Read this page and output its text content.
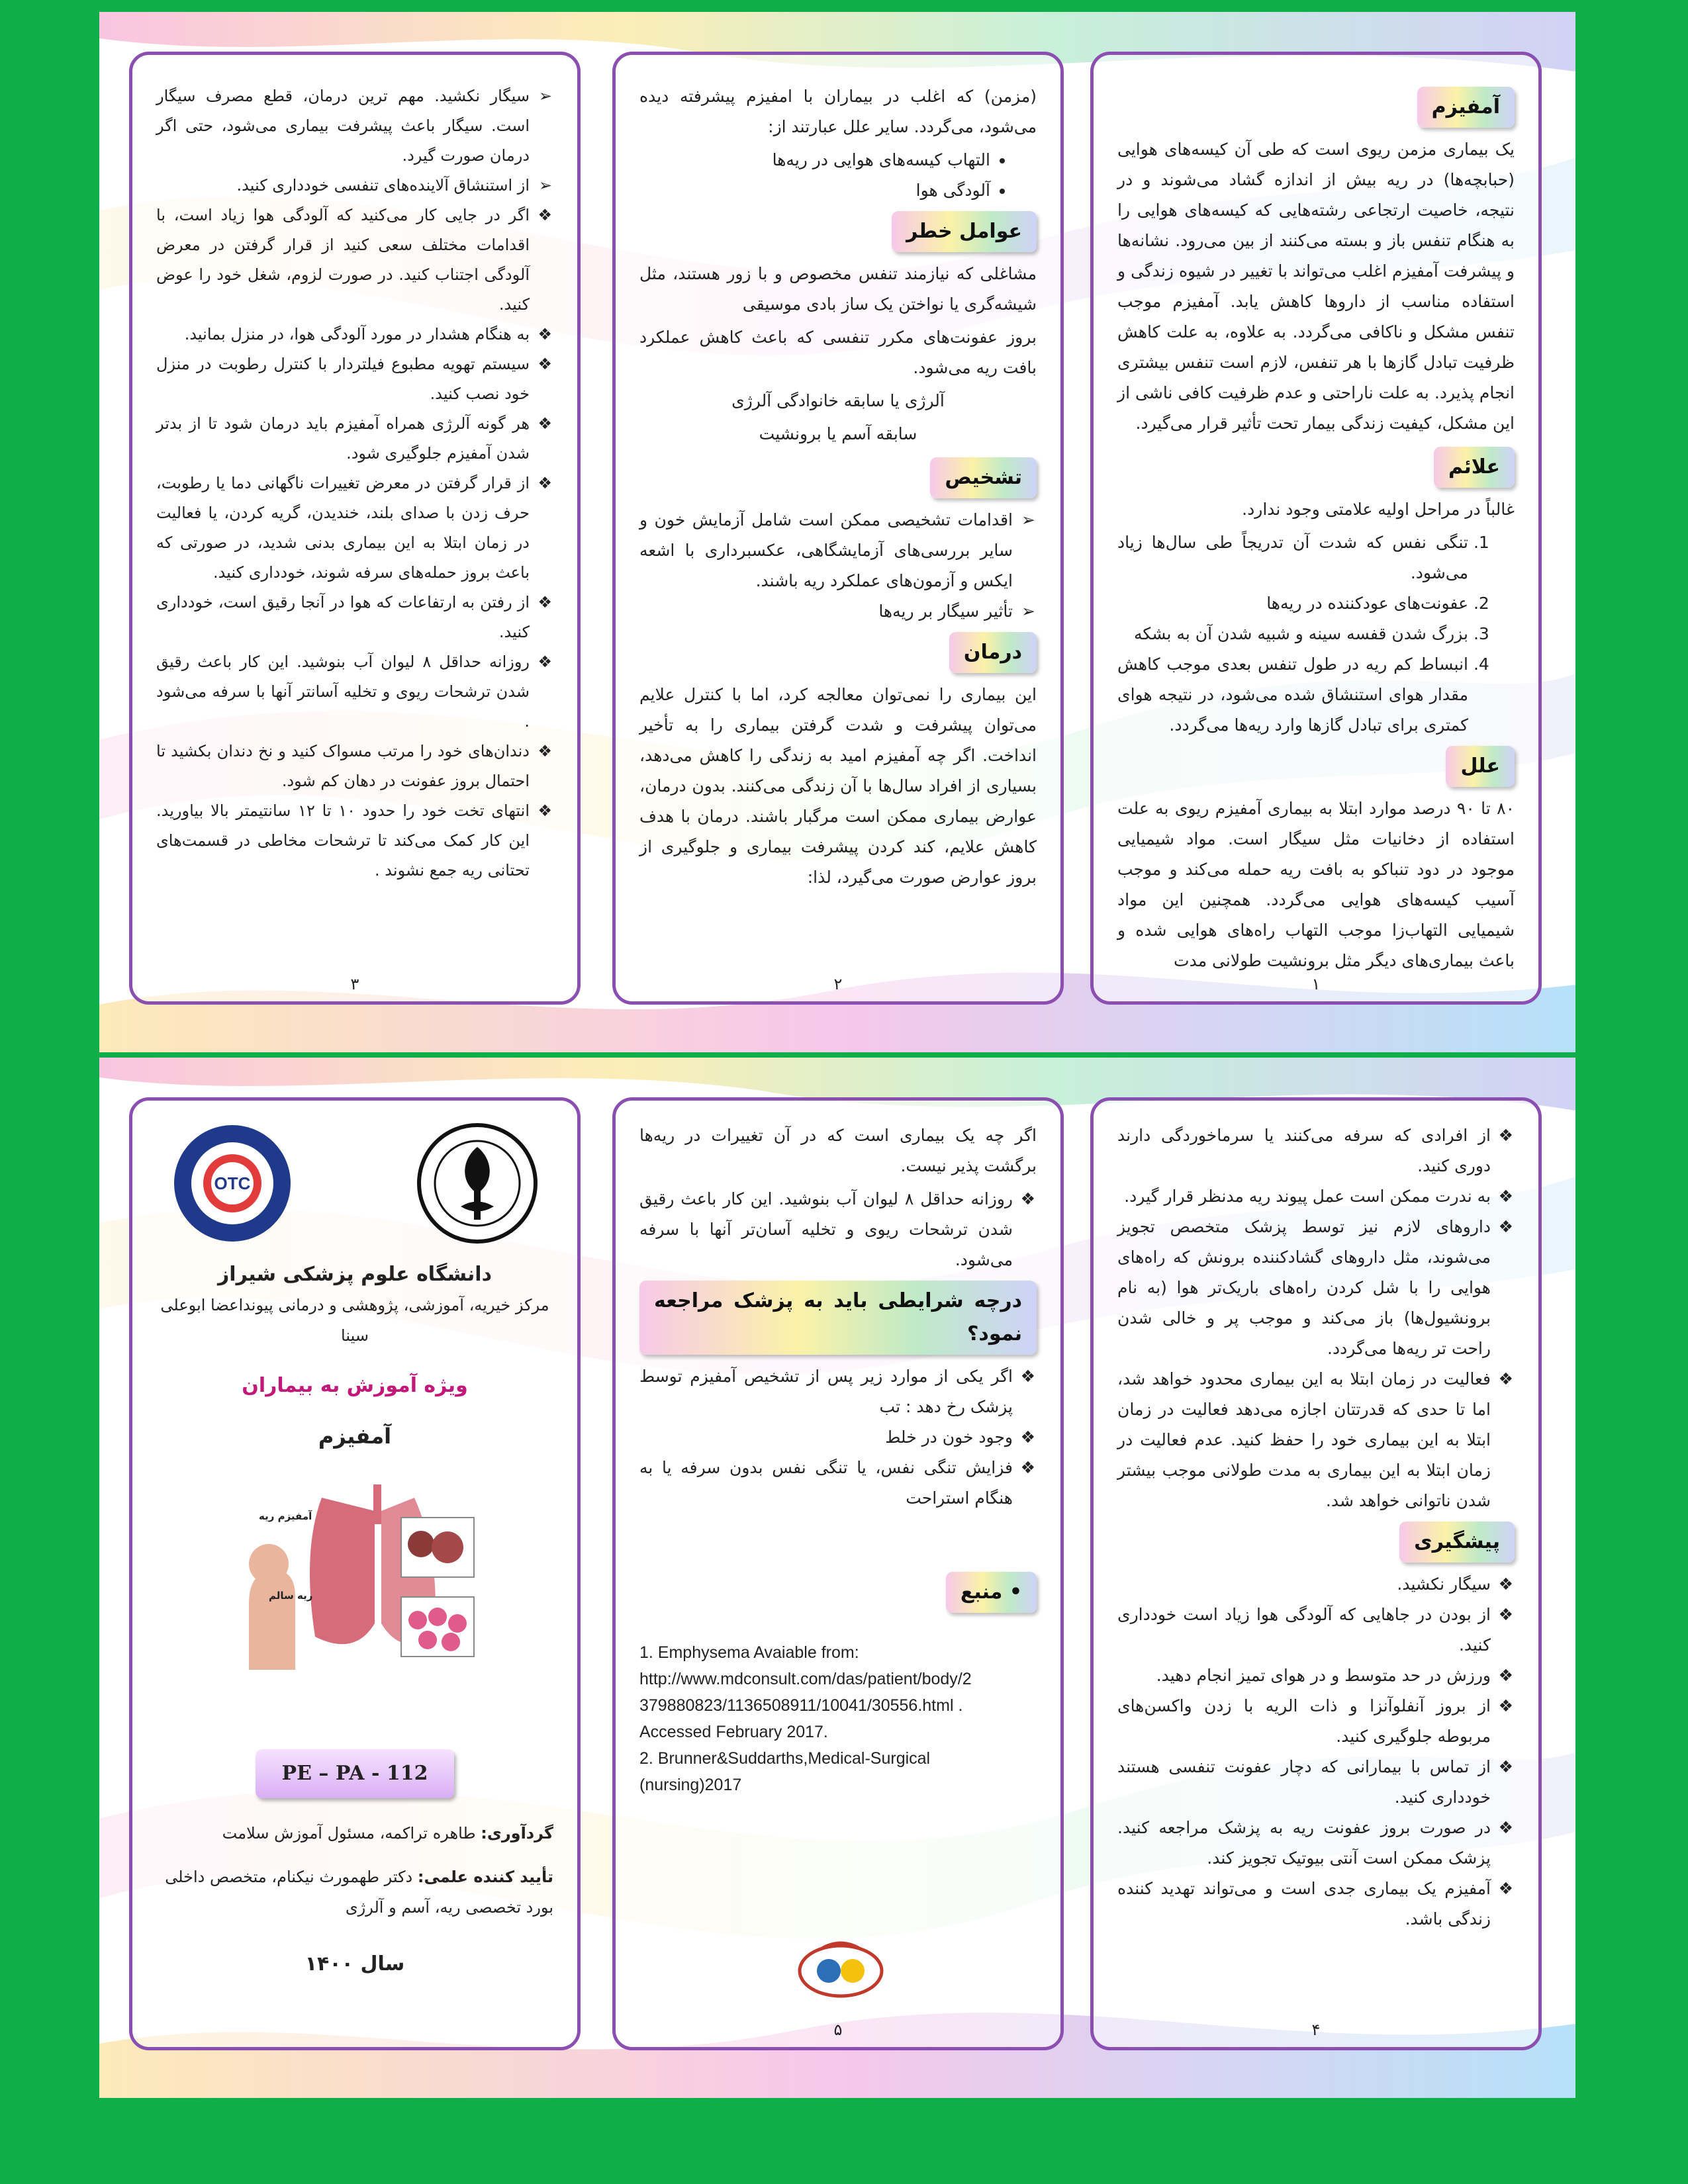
آمفیزم

یک بیماری مزمن ریوی است که طی آن کیسه‌های هوایی (حبابچه‌ها) در ریه بیش از اندازه گشاد می‌شوند و در نتیجه، خاصیت ارتجاعی رشته‌هایی که کیسه‌های هوایی را به هنگام تنفس باز و بسته می‌کنند از بین می‌رود. نشانه‌ها و پیشرفت آمفیزم اغلب می‌تواند با تغییر در شیوه زندگی و استفاده مناسب از داروها کاهش یابد. آمفیزم موجب تنفس مشکل و ناکافی می‌گردد. به علاوه، به علت کاهش ظرفیت تبادل گازها با هر تنفس، لازم است تنفس بیشتری انجام پذیرد. به علت ناراحتی و عدم ظرفیت کافی ناشی از این مشکل، کیفیت زندگی بیمار تحت تأثیر قرار می‌گیرد.

علائم

غالباً در مراحل اولیه علامتی وجود ندارد.

1. تنگی نفس که شدت آن تدریجاً طی سال‌ها زیاد می‌شود.
2. عفونت‌های عودکننده در ریه‌ها
3. بزرگ شدن قفسه سینه و شبیه شدن آن به بشکه
4. انبساط کم ریه در طول تنفس بعدی موجب کاهش مقدار هوای استنشاق شده می‌شود، در نتیجه هوای کمتری برای تبادل گازها وارد ریه‌ها می‌گردد.
علل

۸۰ تا ۹۰ درصد موارد ابتلا به بیماری آمفیزم ریوی به علت استفاده از دخانیات مثل سیگار است. مواد شیمیایی موجود در دود تنباکو به بافت ریه حمله می‌کند و موجب آسیب کیسه‌های هوایی می‌گردد. همچنین این مواد شیمیایی التهاب‌زا موجب التهاب راه‌های هوایی شده و باعث بیماری‌های دیگر مثل برونشیت طولانی مدت

۱

(مزمن) که اغلب در بیماران با امفیزم پیشرفته دیده می‌شود، می‌گردد. سایر علل عبارتند از:

• التهاب کیسه‌های هوایی در ریه‌ها
• آلودگی هوا
عوامل خطر

مشاغلی که نیازمند تنفس مخصوص و با زور هستند، مثل شیشه‌گری یا نواختن یک ساز بادی موسیقی

بروز عفونت‌های مکرر تنفسی که باعث کاهش عملکرد بافت ریه می‌شود.

آلرژی یا سابقه خانوادگی آلرژی

سابقه آسم یا برونشیت

تشخیص
➢ اقدامات تشخیصی ممکن است شامل آزمایش خون و سایر بررسی‌های آزمایشگاهی، عکسبرداری با اشعه ایکس و آزمون‌های عملکرد ریه باشند.
➢ تأثیر سیگار بر ریه‌ها
درمان

این بیماری را نمی‌توان معالجه کرد، اما با کنترل علایم می‌توان پیشرفت و شدت گرفتن بیماری را به تأخیر انداخت. اگر چه آمفیزم امید به زندگی را کاهش می‌دهد، بسیاری از افراد سال‌ها با آن زندگی می‌کنند. بدون درمان، عوارض بیماری ممکن است مرگبار باشند. درمان با هدف کاهش علایم، کند کردن پیشرفت بیماری و جلوگیری از بروز عوارض صورت می‌گیرد، لذا:

۲
➢ سیگار نکشید. مهم ترین درمان، قطع مصرف سیگار است. سیگار باعث پیشرفت بیماری می‌شود، حتی اگر درمان صورت گیرد.
➢ از استنشاق آلاینده‌های تنفسی خودداری کنید.
❖ اگر در جایی کار می‌کنید که آلودگی هوا زیاد است، با اقدامات مختلف سعی کنید از قرار گرفتن در معرض آلودگی اجتناب کنید. در صورت لزوم، شغل خود را عوض کنید.
❖ به هنگام هشدار در مورد آلودگی هوا، در منزل بمانید.
❖ سیستم تهویه مطبوع فیلتردار با کنترل رطوبت در منزل خود نصب کنید.
❖ هر گونه آلرژی همراه آمفیزم باید درمان شود تا از بدتر شدن آمفیزم جلوگیری شود.
❖ از قرار گرفتن در معرض تغییرات ناگهانی دما یا رطوبت، حرف زدن با صدای بلند، خندیدن، گریه کردن، یا فعالیت در زمان ابتلا به این بیماری بدنی شدید، در صورتی که باعث بروز حمله‌های سرفه شوند، خودداری کنید.
❖ از رفتن به ارتفاعات که هوا در آنجا رقیق است، خودداری کنید.
❖ روزانه حداقل ۸ لیوان آب بنوشید. این کار باعث رقیق شدن ترشحات ریوی و تخلیه آسانتر آنها با سرفه می‌شود .
❖ دندان‌های خود را مرتب مسواک کنید و نخ دندان بکشید تا احتمال بروز عفونت در دهان کم شود.
❖ انتهای تخت خود را حدود ۱۰ تا ۱۲ سانتیمتر بالا بیاورید. این کار کمک می‌کند تا ترشحات مخاطی در قسمت‌های تحتانی ریه جمع نشوند .
۳
❖ از افرادی که سرفه می‌کنند یا سرماخوردگی دارند دوری کنید.
❖ به ندرت ممکن است عمل پیوند ریه مدنظر قرار گیرد.
❖ داروهای لازم نیز توسط پزشک متخصص تجویز می‌شوند، مثل داروهای گشادکننده برونش که راه‌های هوایی را با شل کردن راه‌های باریک‌تر هوا (به نام برونشیول‌ها) باز می‌کند و موجب پر و خالی شدن راحت تر ریه‌ها می‌گردد.
❖ فعالیت در زمان ابتلا به این بیماری محدود خواهد شد، اما تا حدی که قدرتتان اجازه می‌دهد فعالیت در زمان ابتلا به این بیماری خود را حفظ کنید. عدم فعالیت در زمان ابتلا به این بیماری به مدت طولانی موجب بیشتر شدن ناتوانی خواهد شد.
پیشگیری
❖ سیگار نکشید.
❖ از بودن در جاهایی که آلودگی هوا زیاد است خودداری کنید.
❖ ورزش در حد متوسط و در هوای تمیز انجام دهید.
❖ از بروز آنفلوآنزا و ذات الریه با زدن واکسن‌های مربوطه جلوگیری کنید.
❖ از تماس با بیمارانی که دچار عفونت تنفسی هستند خودداری کنید.
❖ در صورت بروز عفونت ریه به پزشک مراجعه کنید. پزشک ممکن است آنتی بیوتیک تجویز کند.
❖ آمفیزم یک بیماری جدی است و می‌تواند تهدید کننده زندگی باشد.
۴

اگر چه یک بیماری است که در آن تغییرات در ریه‌ها برگشت پذیر نیست.

❖ روزانه حداقل ۸ لیوان آب بنوشید. این کار باعث رقیق شدن ترشحات ریوی و تخلیه آسان‌تر آنها با سرفه می‌شود.
درچه شرایطی باید به پزشک مراجعه نمود؟
❖ اگر یکی از موارد زیر پس از تشخیص آمفیزم توسط پزشک رخ دهد : تب
❖ وجود خون در خلط
❖ فزایش تنگی نفس، یا تنگی نفس بدون سرفه یا به هنگام استراحت
• منبع
1. Emphysema Avaiable from: http://www.mdconsult.com/das/patient/body/2 379880823/1136508911/10041/30556.html . Accessed February 2017.
2. Brunner&Suddarths,Medical-Surgical (nursing)2017
۵
OTC
دانشگاه علوم پزشکی شیراز
مرکز خیریه، آموزشی، پژوهشی و درمانی پیوندا‌عضا ابوعلی سینا
ویژه آموزش به بیماران
آمفیزم
آمفیزم ریه
ریه سالم
PE – PA - 112
گردآوری: طاهره تراکمه، مسئول آموزش سلامت
تأیید کننده علمی: دکتر طهمورث نیکنام، متخصص داخلی بورد تخصصی ریه، آسم و آلرژی
سال ۱۴۰۰
